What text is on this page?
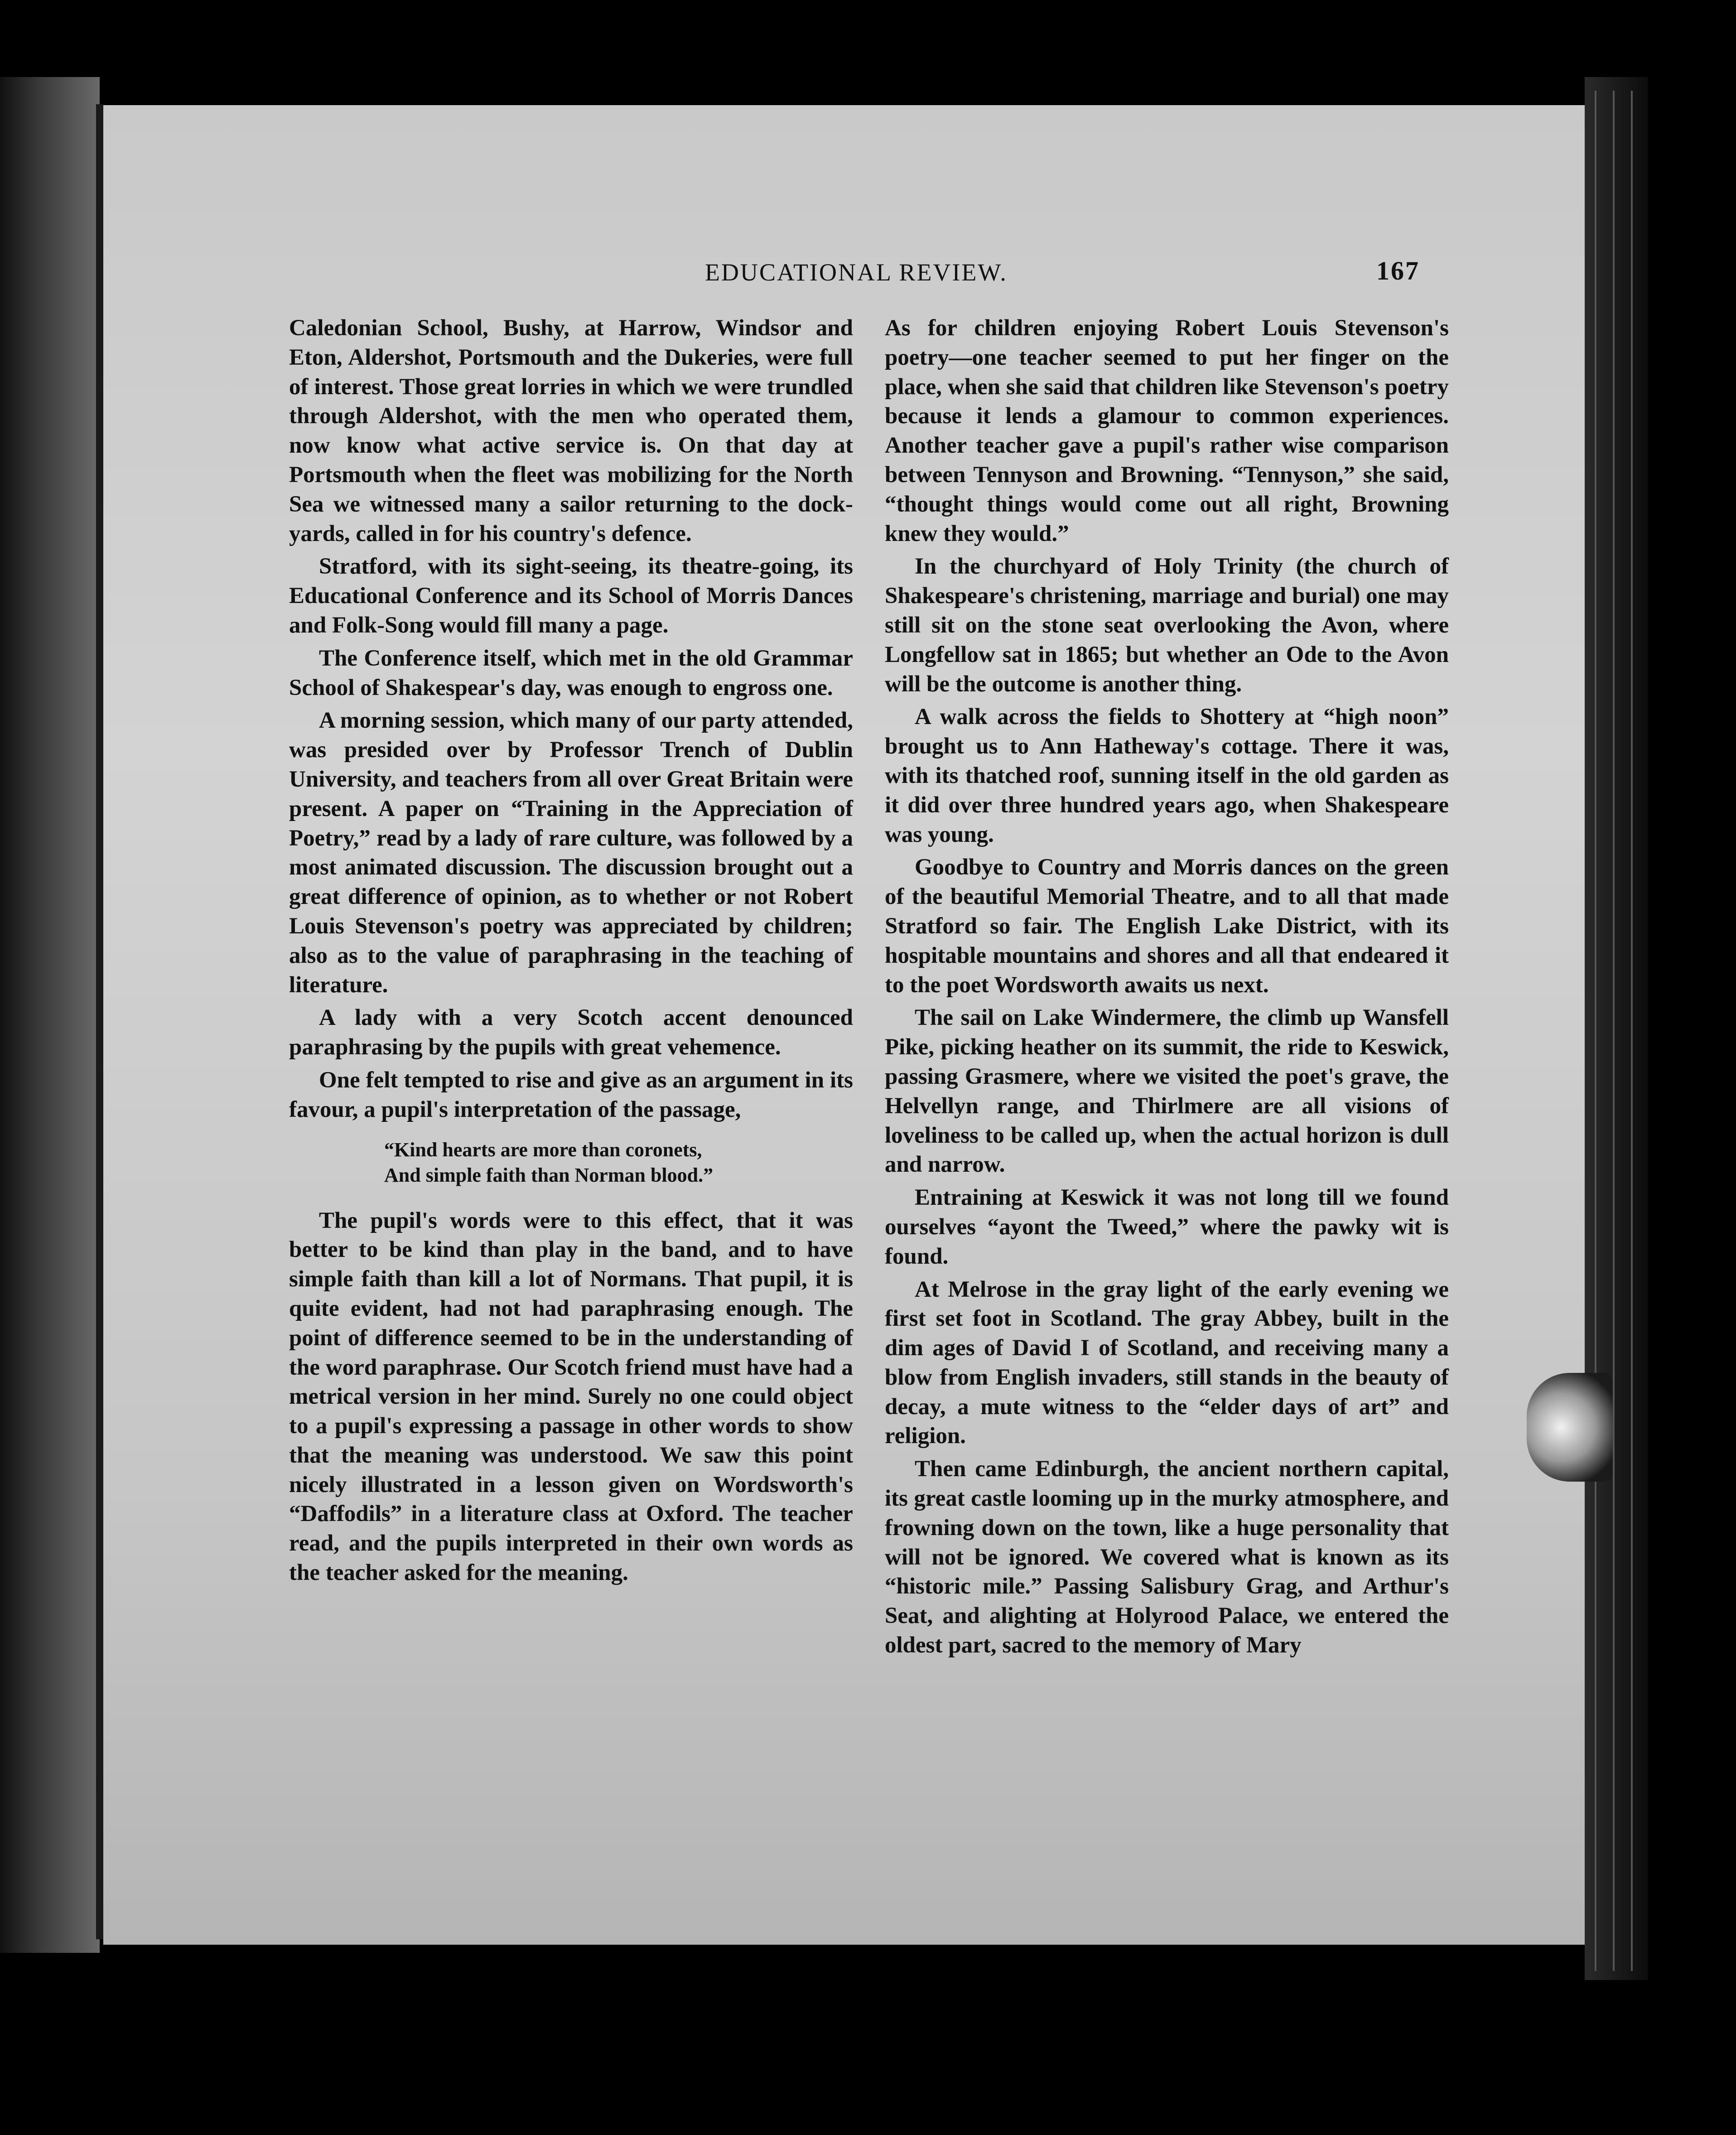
EDUCATIONAL REVIEW.	167

Caledonian School, Bushy, at Harrow, Windsor and Eton, Aldershot, Portsmouth and the Dukeries, were full of interest. Those great lorries in which we were trundled through Aldershot, with the men who operated them, now know what active service is. On that day at Portsmouth when the fleet was mobilizing for the North Sea we witnessed many a sailor returning to the dock-yards, called in for his country's defence.

Stratford, with its sight-seeing, its theatre-going, its Educational Conference and its School of Morris Dances and Folk-Song would fill many a page.

The Conference itself, which met in the old Grammar School of Shakespear's day, was enough to engross one.

A morning session, which many of our party attended, was presided over by Professor Trench of Dublin University, and teachers from all over Great Britain were present. A paper on “Training in the Appreciation of Poetry,” read by a lady of rare culture, was followed by a most animated discussion. The discussion brought out a great difference of opinion, as to whether or not Robert Louis Stevenson's poetry was appreciated by children; also as to the value of paraphrasing in the teaching of literature.

A lady with a very Scotch accent denounced paraphrasing by the pupils with great vehemence.

One felt tempted to rise and give as an argument in its favour, a pupil's interpretation of the passage,

“Kind hearts are more than coronets,
And simple faith than Norman blood.”

The pupil's words were to this effect, that it was better to be kind than play in the band, and to have simple faith than kill a lot of Normans. That pupil, it is quite evident, had not had paraphrasing enough. The point of difference seemed to be in the understanding of the word paraphrase. Our Scotch friend must have had a metrical version in her mind. Surely no one could object to a pupil's expressing a passage in other words to show that the meaning was understood. We saw this point nicely illustrated in a lesson given on Wordsworth's “Daffodils” in a literature class at Oxford. The teacher read, and the pupils interpreted in their own words as the teacher asked for the meaning.

As for children enjoying Robert Louis Stevenson's poetry—one teacher seemed to put her finger on the place, when she said that children like Stevenson's poetry because it lends a glamour to common experiences. Another teacher gave a pupil's rather wise comparison between Tennyson and Browning. “Tennyson,” she said, “thought things would come out all right, Browning knew they would.”

In the churchyard of Holy Trinity (the church of Shakespeare's christening, marriage and burial) one may still sit on the stone seat overlooking the Avon, where Longfellow sat in 1865; but whether an Ode to the Avon will be the outcome is another thing.

A walk across the fields to Shottery at “high noon” brought us to Ann Hatheway's cottage. There it was, with its thatched roof, sunning itself in the old garden as it did over three hundred years ago, when Shakespeare was young.

Goodbye to Country and Morris dances on the green of the beautiful Memorial Theatre, and to all that made Stratford so fair. The English Lake District, with its hospitable mountains and shores and all that endeared it to the poet Wordsworth awaits us next.

The sail on Lake Windermere, the climb up Wansfell Pike, picking heather on its summit, the ride to Keswick, passing Grasmere, where we visited the poet's grave, the Helvellyn range, and Thirlmere are all visions of loveliness to be called up, when the actual horizon is dull and narrow.

Entraining at Keswick it was not long till we found ourselves “ayont the Tweed,” where the pawky wit is found.

At Melrose in the gray light of the early evening we first set foot in Scotland. The gray Abbey, built in the dim ages of David I of Scotland, and receiving many a blow from English invaders, still stands in the beauty of decay, a mute witness to the “elder days of art” and religion.

Then came Edinburgh, the ancient northern capital, its great castle looming up in the murky atmosphere, and frowning down on the town, like a huge personality that will not be ignored. We covered what is known as its “historic mile.” Passing Salisbury Grag, and Arthur's Seat, and alighting at Holyrood Palace, we entered the oldest part, sacred to the memory of Mary
